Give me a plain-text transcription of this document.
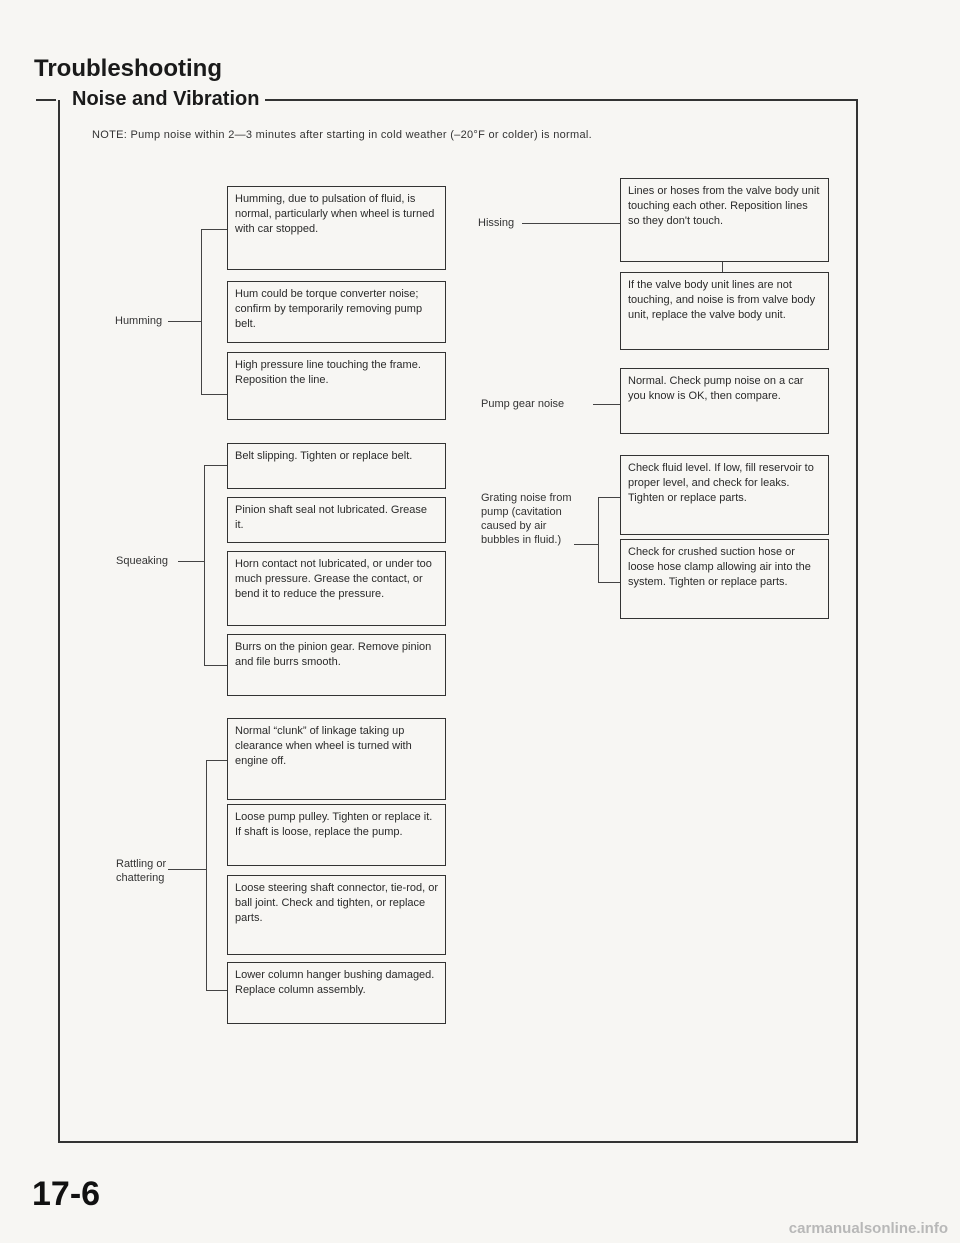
Troubleshooting
Noise and Vibration
NOTE: Pump noise within 2—3 minutes after starting in cold weather (–20°F or colder) is normal.
Humming
Humming, due to pulsation of fluid, is normal, particularly when wheel is turned with car stopped.
Hum could be torque converter noise; confirm by temporarily removing pump belt.
High pressure line touching the frame. Reposition the line.
Squeaking
Belt slipping. Tighten or replace belt.
Pinion shaft seal not lubricated. Grease it.
Horn contact not lubricated, or under too much pressure. Grease the contact, or bend it to reduce the pressure.
Burrs on the pinion gear. Remove pinion and file burrs smooth.
Rattling or chattering
Normal “clunk” of linkage taking up clearance when wheel is turned with engine off.
Loose pump pulley. Tighten or replace it. If shaft is loose, replace the pump.
Loose steering shaft connector, tie-rod, or ball joint. Check and tighten, or replace parts.
Lower column hanger bushing damaged. Replace column assembly.
Hissing
Lines or hoses from the valve body unit touching each other. Reposition lines so they don't touch.
If the valve body unit lines are not touching, and noise is from valve body unit, replace the valve body unit.
Pump gear noise
Normal. Check pump noise on a car you know is OK, then compare.
Grating noise from pump (cavitation caused by air bubbles in fluid.)
Check fluid level. If low, fill reservoir to proper level, and check for leaks. Tighten or replace parts.
Check for crushed suction hose or loose hose clamp allowing air into the system. Tighten or replace parts.
17-6
carmanualsonline.info
